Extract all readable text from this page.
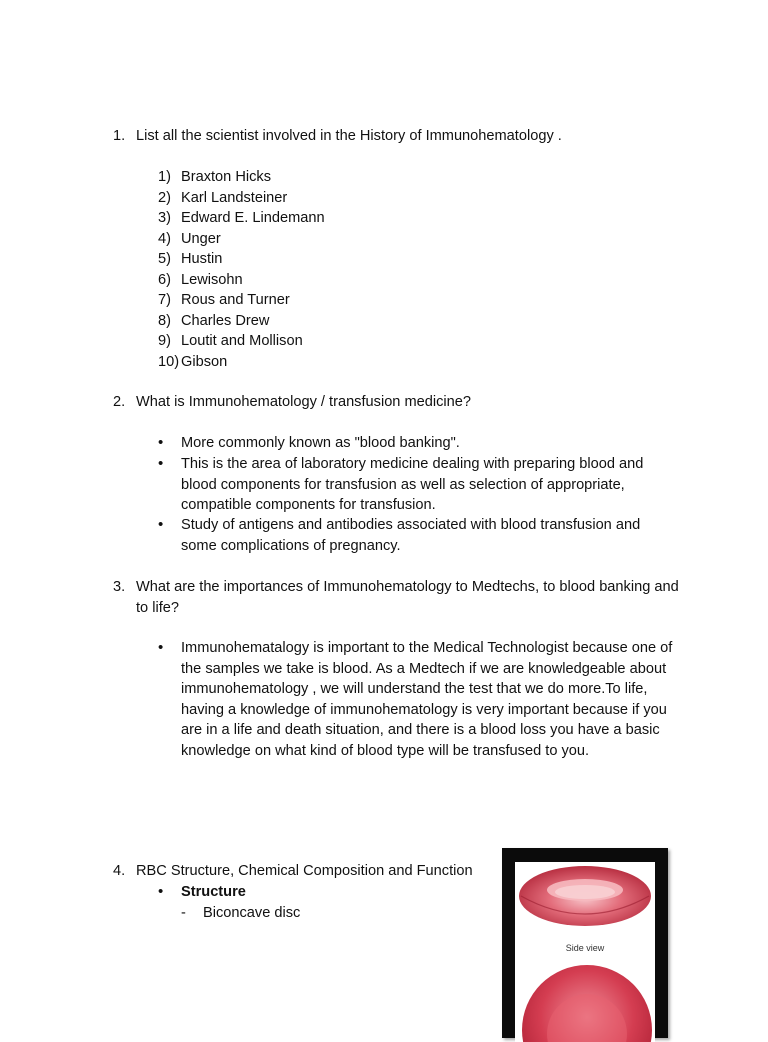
1. List all the scientist involved in the History of Immunohematology .
1) Braxton Hicks
2) Karl Landsteiner
3) Edward E. Lindemann
4) Unger
5) Hustin
6) Lewisohn
7) Rous and Turner
8) Charles Drew
9) Loutit and Mollison
10) Gibson
2. What is Immunohematology / transfusion medicine?
• More commonly known as "blood banking".

• This is the area of laboratory medicine dealing with preparing blood and blood components for transfusion as well as selection of appropriate, compatible components for transfusion.

• Study of antigens and antibodies associated with blood transfusion and some complications of pregnancy.

3. What are the importances of Immunohematology to Medtechs, to blood banking and to life?

• Immunohematalogy is important to the Medical Technologist because one of the samples we take is blood. As a Medtech if we are knowledgeable about immunohematology , we will understand the test that we do more.To life, having a knowledge of immunohematology is very important because if you are in a life and death situation, and there is a blood loss you have a basic knowledge on what kind of blood type will be transfused to you.

4. RBC Structure, Chemical Composition and Function
• Structure
- Biconcave disc
Side view
